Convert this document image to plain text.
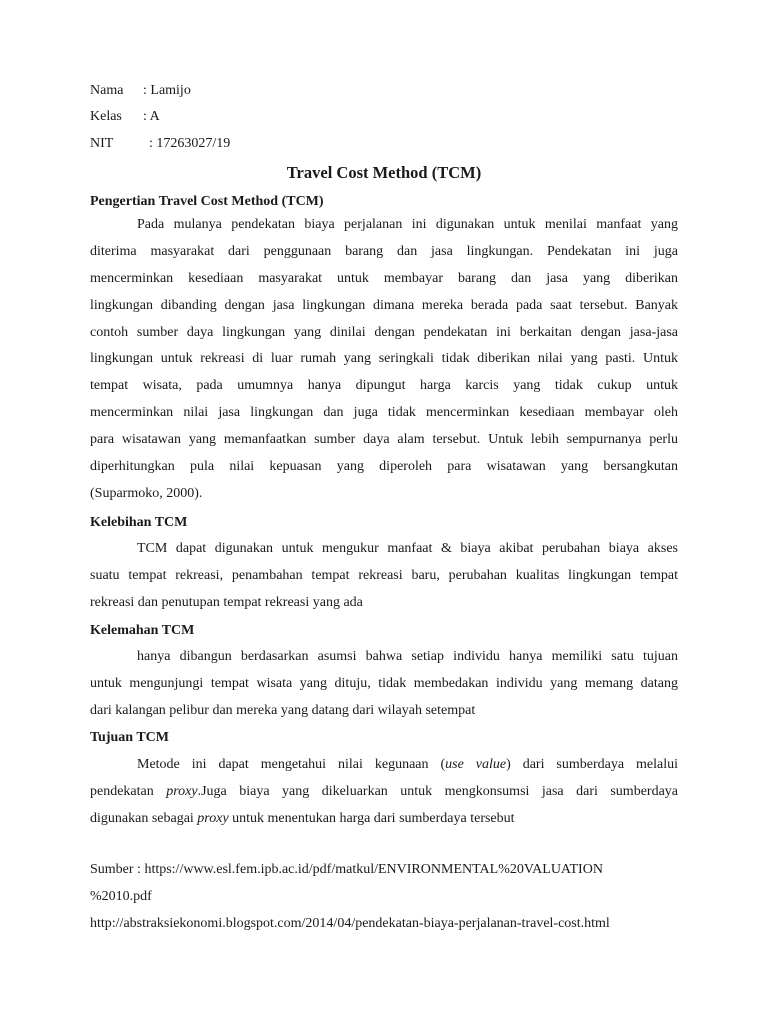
Nama : Lamijo
Kelas : A
NIT	: 17263027/19
Travel Cost Method (TCM)
Pengertian Travel Cost Method (TCM)
Pada mulanya pendekatan biaya perjalanan ini digunakan untuk menilai manfaat yang
diterima masyarakat dari penggunaan barang dan jasa lingkungan. Pendekatan ini juga
mencerminkan kesediaan masyarakat untuk membayar barang dan jasa yang diberikan
lingkungan dibanding dengan jasa lingkungan dimana mereka berada pada saat tersebut. Banyak
contoh sumber daya lingkungan yang dinilai dengan pendekatan ini berkaitan dengan jasa-jasa
lingkungan untuk rekreasi di luar rumah yang seringkali tidak diberikan nilai yang pasti. Untuk
tempat wisata, pada umumnya hanya dipungut harga karcis yang tidak cukup untuk
mencerminkan nilai jasa lingkungan dan juga tidak mencerminkan kesediaan membayar oleh
para wisatawan yang memanfaatkan sumber daya alam tersebut. Untuk lebih sempurnanya perlu
diperhitungkan pula nilai kepuasan yang diperoleh para wisatawan yang bersangkutan
(Suparmoko, 2000).
Kelebihan TCM
TCM dapat digunakan untuk mengukur manfaat & biaya akibat perubahan biaya akses
suatu tempat rekreasi, penambahan tempat rekreasi baru, perubahan kualitas lingkungan tempat
rekreasi dan penutupan tempat rekreasi yang ada
Kelemahan TCM
hanya dibangun berdasarkan asumsi bahwa setiap individu hanya memiliki satu tujuan
untuk mengunjungi tempat wisata yang dituju, tidak membedakan individu yang memang datang
dari kalangan pelibur dan mereka yang datang dari wilayah setempat
Tujuan TCM
Metode ini dapat mengetahui nilai kegunaan (use value) dari sumberdaya melalui
pendekatan proxy.Juga biaya yang dikeluarkan untuk mengkonsumsi jasa dari sumberdaya
digunakan sebagai proxy untuk menentukan harga dari sumberdaya tersebut
Sumber : https://www.esl.fem.ipb.ac.id/pdf/matkul/ENVIRONMENTAL%20VALUATION
%2010.pdf
http://abstraksiekonomi.blogspot.com/2014/04/pendekatan-biaya-perjalanan-travel-cost.html
